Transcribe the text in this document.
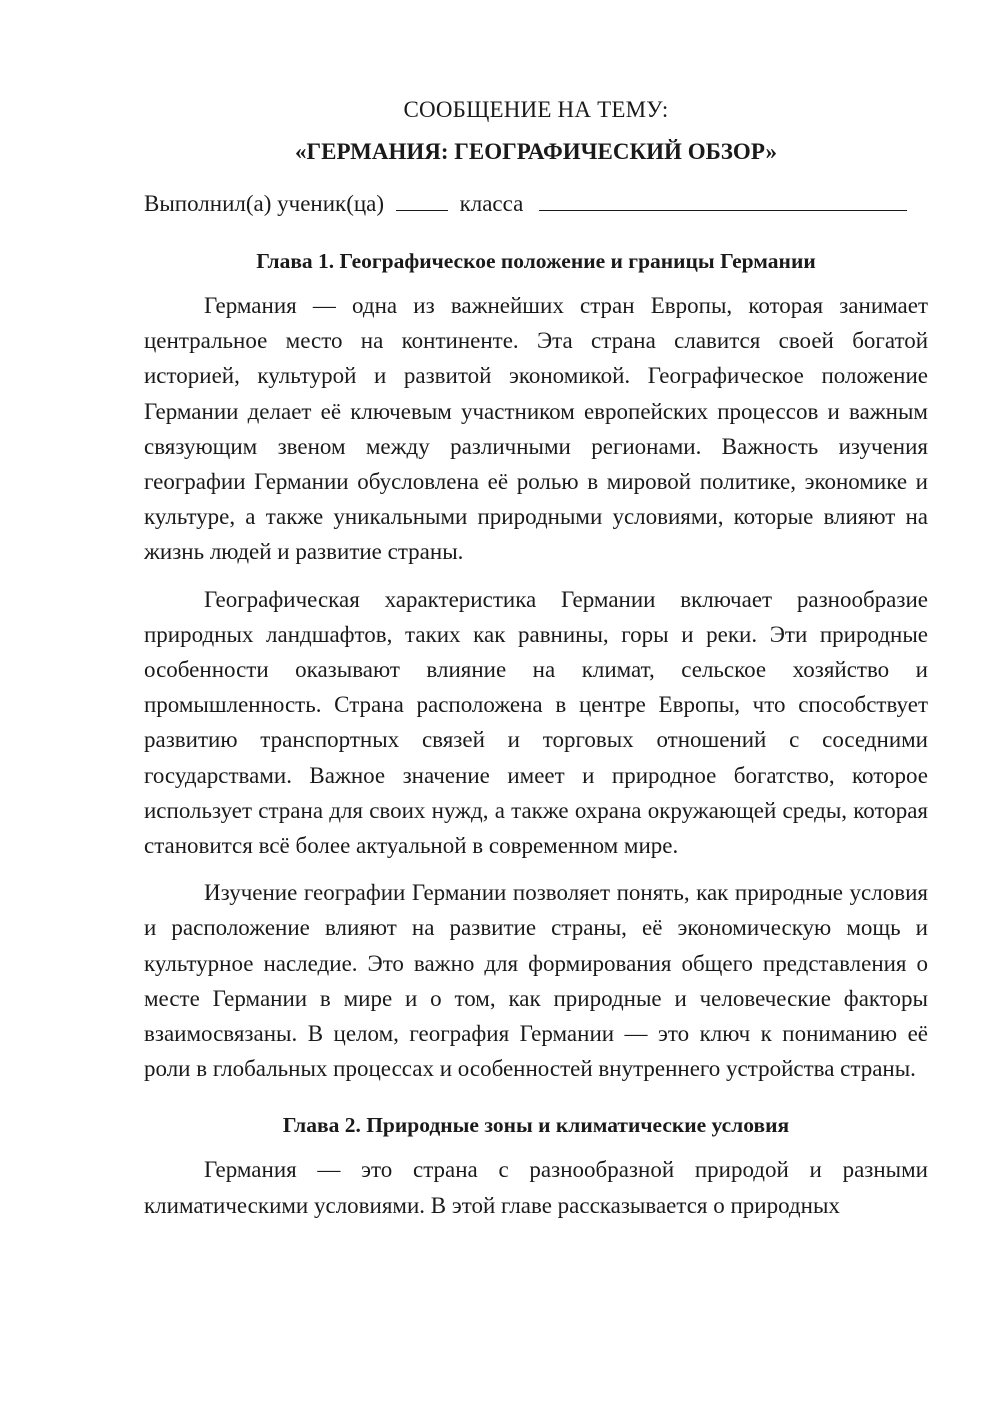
СООБЩЕНИЕ НА ТЕМУ:
«ГЕРМАНИЯ: ГЕОГРАФИЧЕСКИЙ ОБЗОР»
Выполнил(а) ученик(ца)	класса
Глава 1. Географическое положение и границы Германии

Германия — одна из важнейших стран Европы, которая занимает центральное место на континенте. Эта страна славится своей богатой историей, культурой и развитой экономикой. Географическое положение Германии делает её ключевым участником европейских процессов и важным связующим звеном между различными регионами. Важность изучения географии Германии обусловлена её ролью в мировой политике, экономике и культуре, а также уникальными природными условиями, которые влияют на жизнь людей и развитие страны.

Географическая характеристика Германии включает разнообразие природных ландшафтов, таких как равнины, горы и реки. Эти природные особенности оказывают влияние на климат, сельское хозяйство и промышленность. Страна расположена в центре Европы, что способствует развитию транспортных связей и торговых отношений с соседними государствами. Важное значение имеет и природное богатство, которое использует страна для своих нужд, а также охрана окружающей среды, которая становится всё более актуальной в современном мире.

Изучение географии Германии позволяет понять, как природные условия и расположение влияют на развитие страны, её экономическую мощь и культурное наследие. Это важно для формирования общего представления о месте Германии в мире и о том, как природные и человеческие факторы взаимосвязаны. В целом, география Германии — это ключ к пониманию её роли в глобальных процессах и особенностей внутреннего устройства страны.

Глава 2. Природные зоны и климатические условия

Германия — это страна с разнообразной природой и разными климатическими условиями. В этой главе рассказывается о природных
